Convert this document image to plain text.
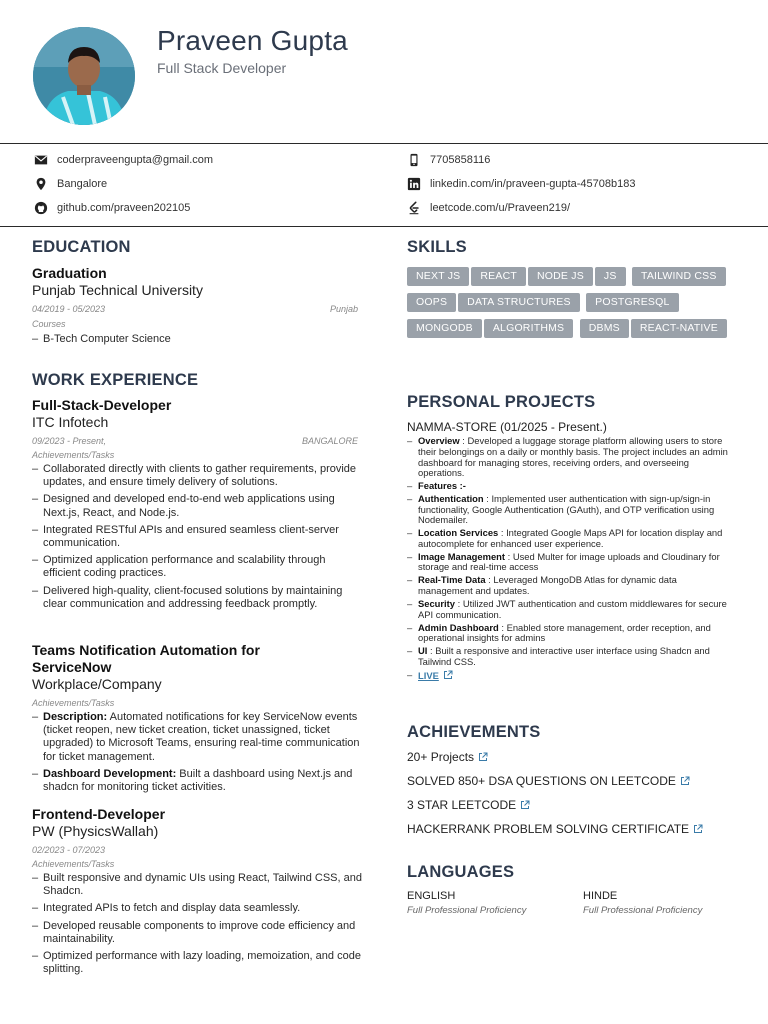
Praveen Gupta
Full Stack Developer
coderpraveengupta@gmail.com
Bangalore
github.com/praveen202105
7705858116
linkedin.com/in/praveen-gupta-45708b183
leetcode.com/u/Praveen219/
EDUCATION
Graduation
Punjab Technical University
04/2019 - 05/2023	Punjab
Courses
– B-Tech Computer Science
WORK EXPERIENCE
Full-Stack-Developer
ITC Infotech
09/2023 - Present,	BANGALORE
Achievements/Tasks
– Collaborated directly with clients to gather requirements, provide updates, and ensure timely delivery of solutions.
– Designed and developed end-to-end web applications using Next.js, React, and Node.js.
– Integrated RESTful APIs and ensured seamless client-server communication.
– Optimized application performance and scalability through efficient coding practices.
– Delivered high-quality, client-focused solutions by maintaining clear communication and addressing feedback promptly.
Teams Notification Automation for ServiceNow
Workplace/Company
Achievements/Tasks
– Description: Automated notifications for key ServiceNow events (ticket reopen, new ticket creation, ticket unassigned, ticket upgraded) to Microsoft Teams, ensuring real-time communication for ticket management.
– Dashboard Development: Built a dashboard using Next.js and shadcn for monitoring ticket activities.
Frontend-Developer
PW (PhysicsWallah)
02/2023 - 07/2023
Achievements/Tasks
– Built responsive and dynamic UIs using React, Tailwind CSS, and Shadcn.
– Integrated APIs to fetch and display data seamlessly.
– Developed reusable components to improve code efficiency and maintainability.
– Optimized performance with lazy loading, memoization, and code splitting.
SKILLS
NEXT JS REACT NODE JS JS TAILWIND CSSOOPS DATA STRUCTURES POSTGRESQLMONGODB ALGORITHMS DBMS REACT-NATIVE
PERSONAL PROJECTS
NAMMA-STORE (01/2025 - Present.)
– Overview : Developed a luggage storage platform allowing users to store their belongings on a daily or monthly basis. The project includes an admin dashboard for managing stores, receiving orders, and overseeing operations.
– Features :-
– Authentication : Implemented user authentication with sign-up/sign-in functionality, Google Authentication (GAuth), and OTP verification using Nodemailer.
– Location Services : Integrated Google Maps API for location display and autocomplete for enhanced user experience.
– Image Management : Used Multer for image uploads and Cloudinary for storage and real-time access
– Real-Time Data : Leveraged MongoDB Atlas for dynamic data management and updates.
– Security : Utilized JWT authentication and custom middlewares for secure API communication.
– Admin Dashboard : Enabled store management, order reception, and operational insights for admins
– UI : Built a responsive and interactive user interface using Shadcn and Tailwind CSS.
– LIVE
ACHIEVEMENTS
20+ Projects
SOLVED 850+ DSA QUESTIONS ON LEETCODE
3 STAR LEETCODE
HACKERRANK PROBLEM SOLVING CERTIFICATE
LANGUAGES
ENGLISH
Full Professional Proficiency
HINDE
Full Professional Proficiency
